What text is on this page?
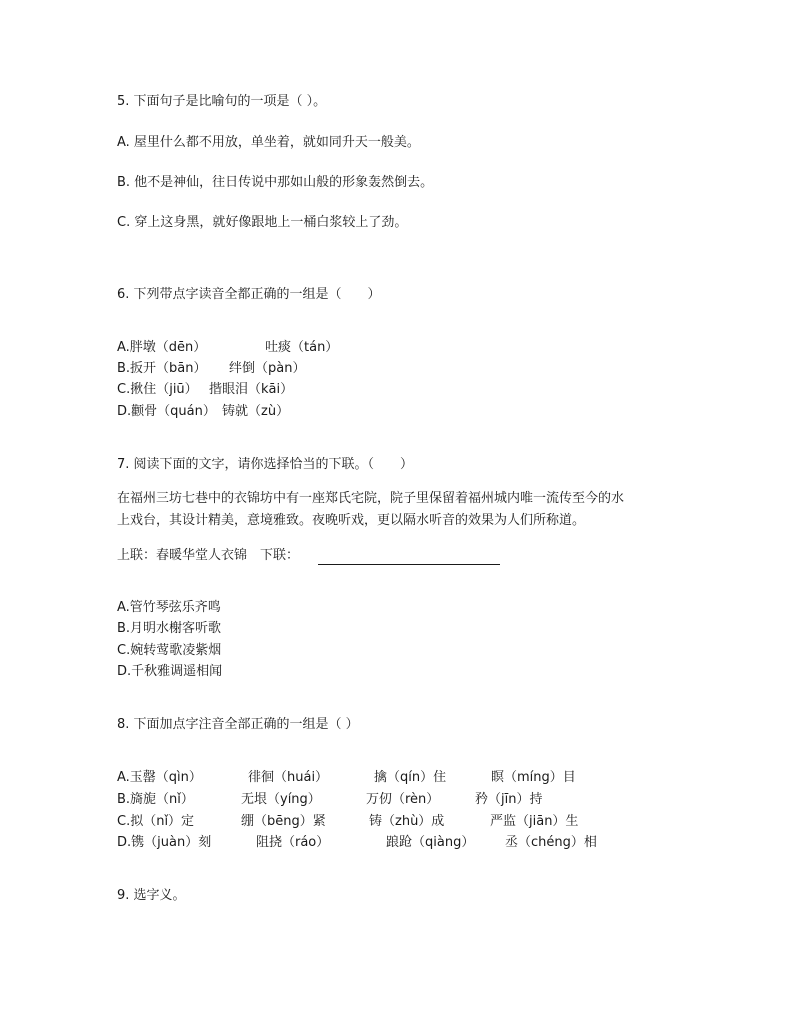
5. 下面句子是比喻句的一项是（ ）。
A. 屋里什么都不用放，单坐着，就如同升天一般美。
B. 他不是神仙，往日传说中那如山般的形象轰然倒去。
C. 穿上这身黑，就好像跟地上一桶白浆较上了劲。
6. 下列带点字读音全都正确的一组是（　　）
A.胖墩（dēn）	吐痰（tán）
B.扳开（bān） 绊倒（pàn）
C.揪住（jiū） 揩眼泪（kāi）
D.颧骨（quán） 铸就（zù）
7. 阅读下面的文字，请你选择恰当的下联。（　　）
在福州三坊七巷中的衣锦坊中有一座郑氏宅院，院子里保留着福州城内唯一流传至今的水
上戏台，其设计精美，意境雅致。夜晚听戏，更以隔水听音的效果为人们所称道。
上联：春暖华堂人衣锦　下联：
A.管竹琴弦乐齐鸣
B.月明水榭客听歌
C.婉转莺歌凌紫烟
D.千秋雅调遥相闻
8. 下面加点字注音全部正确的一组是（ ）
A.玉罄（qìn）	徘徊（huái）	擒（qín）住	瞑（míng）目
B.旖旎（nǐ）	无垠（yíng）	万仞（rèn）	矜（jīn）持
C.拟（nǐ）定	绷（bēng）紧	铸（zhù）成	严监（jiān）生
D.镌（juàn）刻	阻挠（ráo）	踉跄（qiàng） 丞（chéng）相
9. 选字义。
